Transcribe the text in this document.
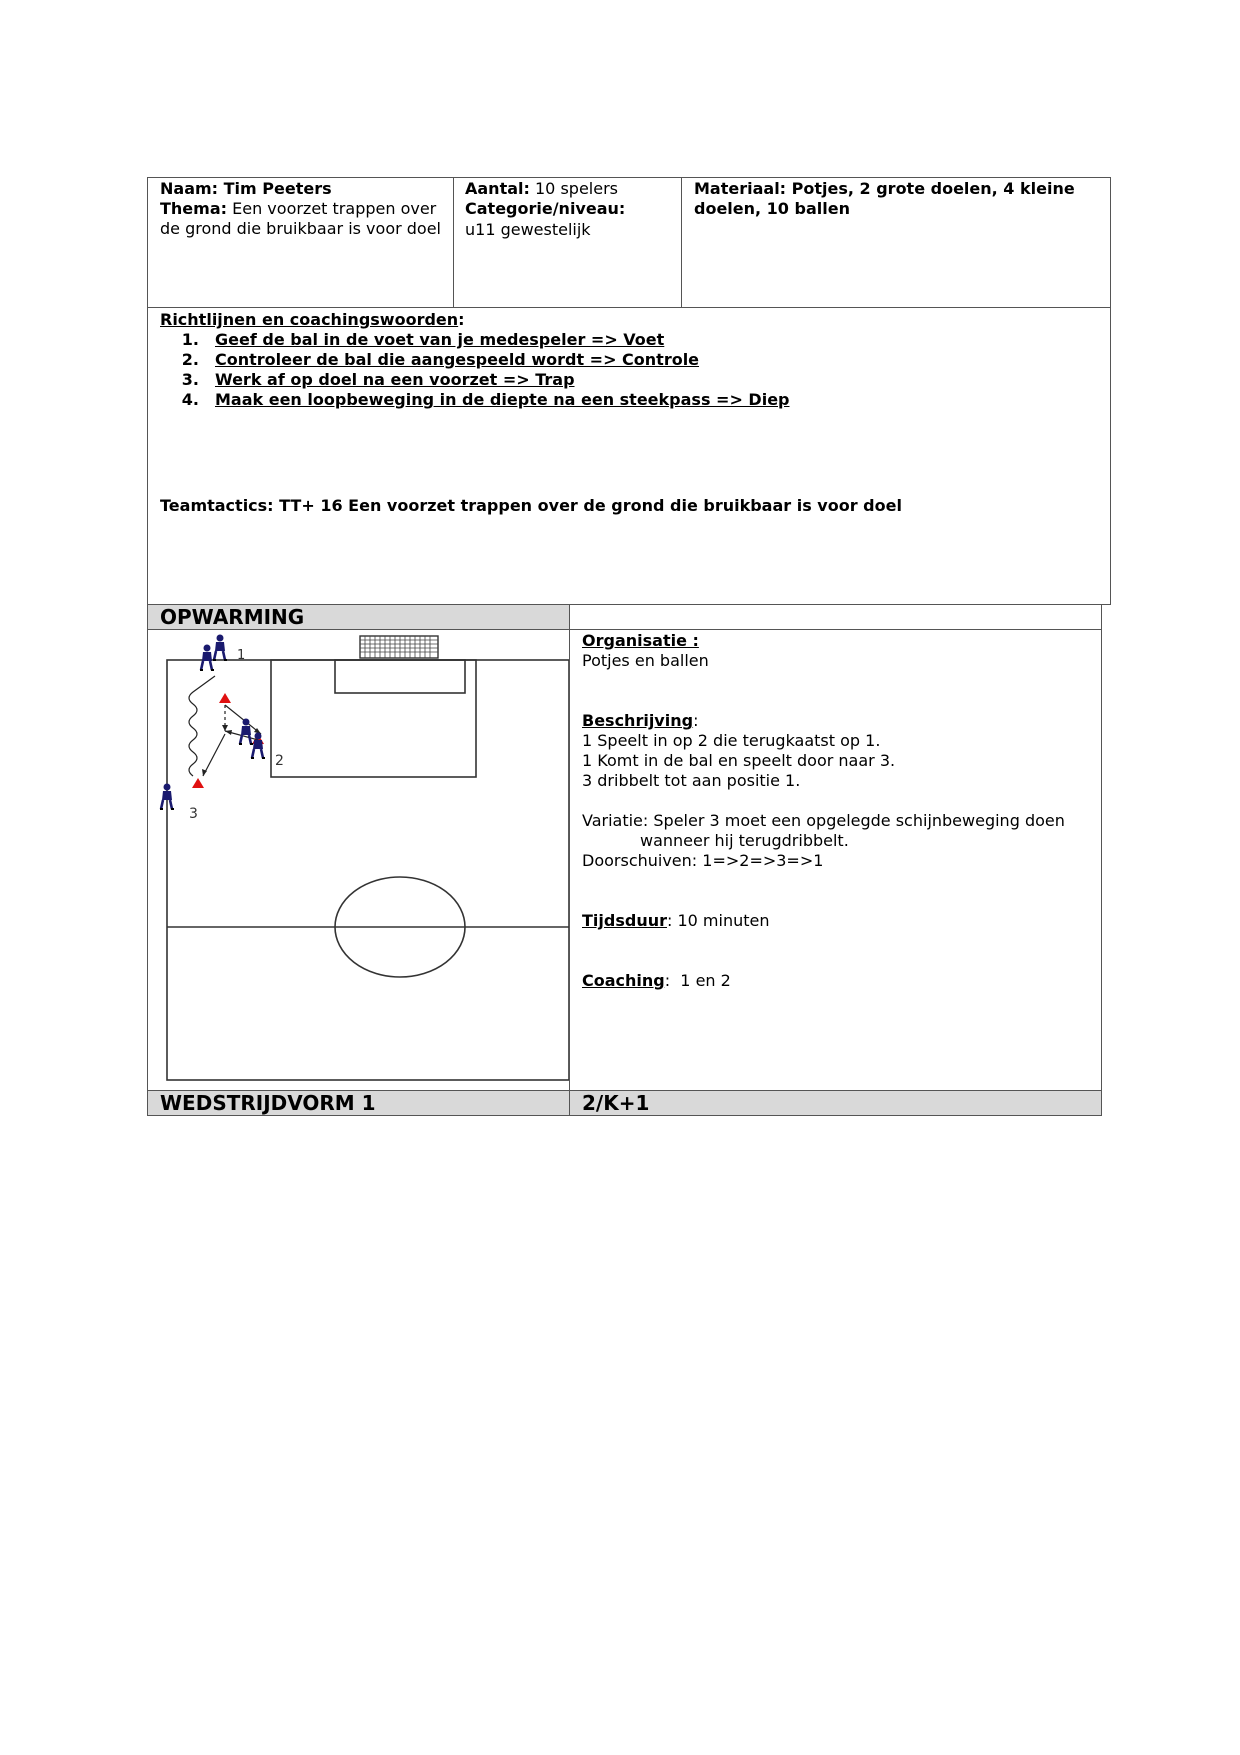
Naam: Tim Peeters
Thema: Een voorzet trappen over de grond die bruikbaar is voor doel
Aantal: 10 spelers
Categorie/niveau:
u11 gewestelijk
Materiaal: Potjes, 2 grote doelen, 4 kleine doelen, 10 ballen
Richtlijnen en coachingswoorden:
1.	Geef de bal in de voet van je medespeler => Voet
2.	Controleer de bal die aangespeeld wordt => Controle
3.	Werk af op doel na een voorzet => Trap
4.	Maak een loopbeweging in de diepte na een steekpass => Diep
Teamtactics: TT+ 16 Een voorzet trappen over de grond die bruikbaar is voor doel
OPWARMING
1
2
3

Organisatie :

Potjes en ballen

Beschrijving:

1 Speelt in op 2 die terugkaatst op 1.

1 Komt in de bal en speelt door naar 3.

3 dribbelt tot aan positie 1.

Variatie: Speler 3 moet een opgelegde schijnbeweging doen

wanneer hij terugdribbelt.

Doorschuiven: 1=>2=>3=>1

Tijdsduur: 10 minuten

Coaching:  1 en 2

WEDSTRIJDVORM 1	2/K+1
